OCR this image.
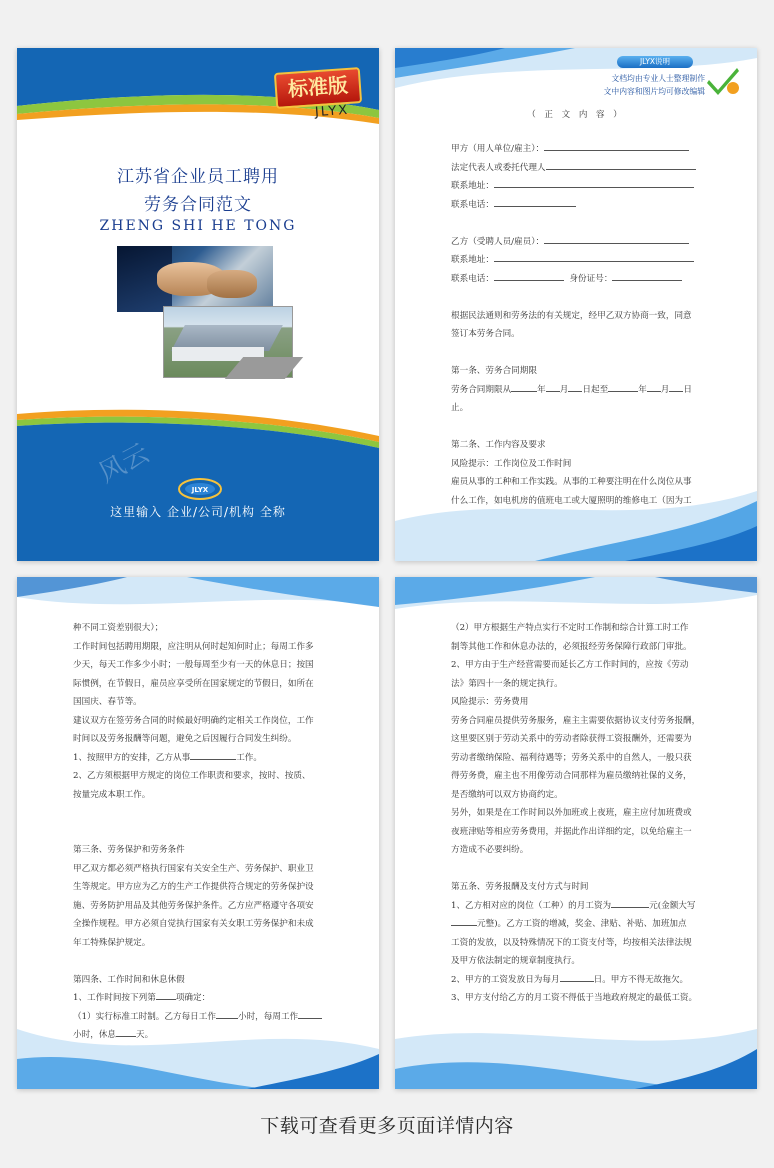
标准版
JLYX
江苏省企业员工聘用
劳务合同范文
ZHENG SHI HE TONG
风云
JLYX
这里输入 企业/公司/机构 全称
JLYX说明
文档均由专业人士整理制作
文中内容和图片均可修改编辑
（ 正 文 内 容 ）
甲方（用人单位/雇主）：
法定代表人或委托代理人
联系地址：
联系电话：
乙方（受聘人员/雇员）：
联系地址：
联系电话：	身份证号：
根据民法通则和劳务法的有关规定，经甲乙双方协商一致，同意
签订本劳务合同。
第一条、劳务合同期限
劳务合同期限从	年 月 日起至	年 月 日
止。
第二条、工作内容及要求
风险提示：工作岗位及工作时间
雇员从事的工种和工作实践。从事的工种要注明在什么岗位从事
什么工作，如电机房的值班电工或大厦照明的维修电工（因为工
种不同工资差别很大）；
工作时间包括聘用期限，应注明从何时起知何时止；每周工作多
少天，每天工作多少小时；一般每周至少有一天的休息日；按国
际惯例，在节假日，雇员应享受所在国家规定的节假日，如所在
国国庆、春节等。
建议双方在签劳务合同的时候最好明确约定相关工作岗位，工作
时间以及劳务报酬等问题，避免之后因履行合同发生纠纷。
1、按照甲方的安排，乙方从事	工作。
2、乙方须根据甲方规定的岗位工作职责和要求，按时、按质、
按量完成本职工作。
第三条、劳务保护和劳务条件
甲乙双方都必须严格执行国家有关安全生产、劳务保护、职业卫
生等规定。甲方应为乙方的生产工作提供符合规定的劳务保护设
施、劳务防护用品及其他劳务保护条件。乙方应严格遵守各项安
全操作规程。甲方必须自觉执行国家有关女职工劳务保护和未成
年工特殊保护规定。
第四条、工作时间和休息休假
1、工作时间按下列第 项确定：
（1）实行标准工时制。乙方每日工作	小时，每周工作
小时，休息 天。
（2）甲方根据生产特点实行不定时工作制和综合计算工时工作
制等其他工作和休息办法的，必须报经劳务保障行政部门审批。
2、甲方由于生产经营需要而延长乙方工作时间的，应按《劳动
法》第四十一条的规定执行。
风险提示：劳务费用
劳务合同雇员提供劳务服务，雇主主需要依据协议支付劳务报酬，
这里要区别于劳动关系中的劳动者除获得工资报酬外，还需要为
劳动者缴纳保险、福利待遇等；劳务关系中的自然人，一般只获
得劳务费，雇主也不用像劳动合同那样为雇员缴纳社保的义务，
是否缴纳可以双方协商约定。
另外，如果是在工作时间以外加班或上夜班，雇主应付加班费或
夜班津贴等相应劳务费用，并据此作出详细约定，以免给雇主一
方造成不必要纠纷。
第五条、劳务报酬及支付方式与时间
1、乙方相对应的岗位（工种）的月工资为	元(金额大写
元整)。乙方工资的增减，奖金、津贴、补贴、加班加点
工资的发放，以及特殊情况下的工资支付等，均按相关法律法规
及甲方依法制定的规章制度执行。
2、甲方的工资发放日为每月	日。甲方不得无故拖欠。
3、甲方支付给乙方的月工资不得低于当地政府规定的最低工资。
下载可查看更多页面详情内容
